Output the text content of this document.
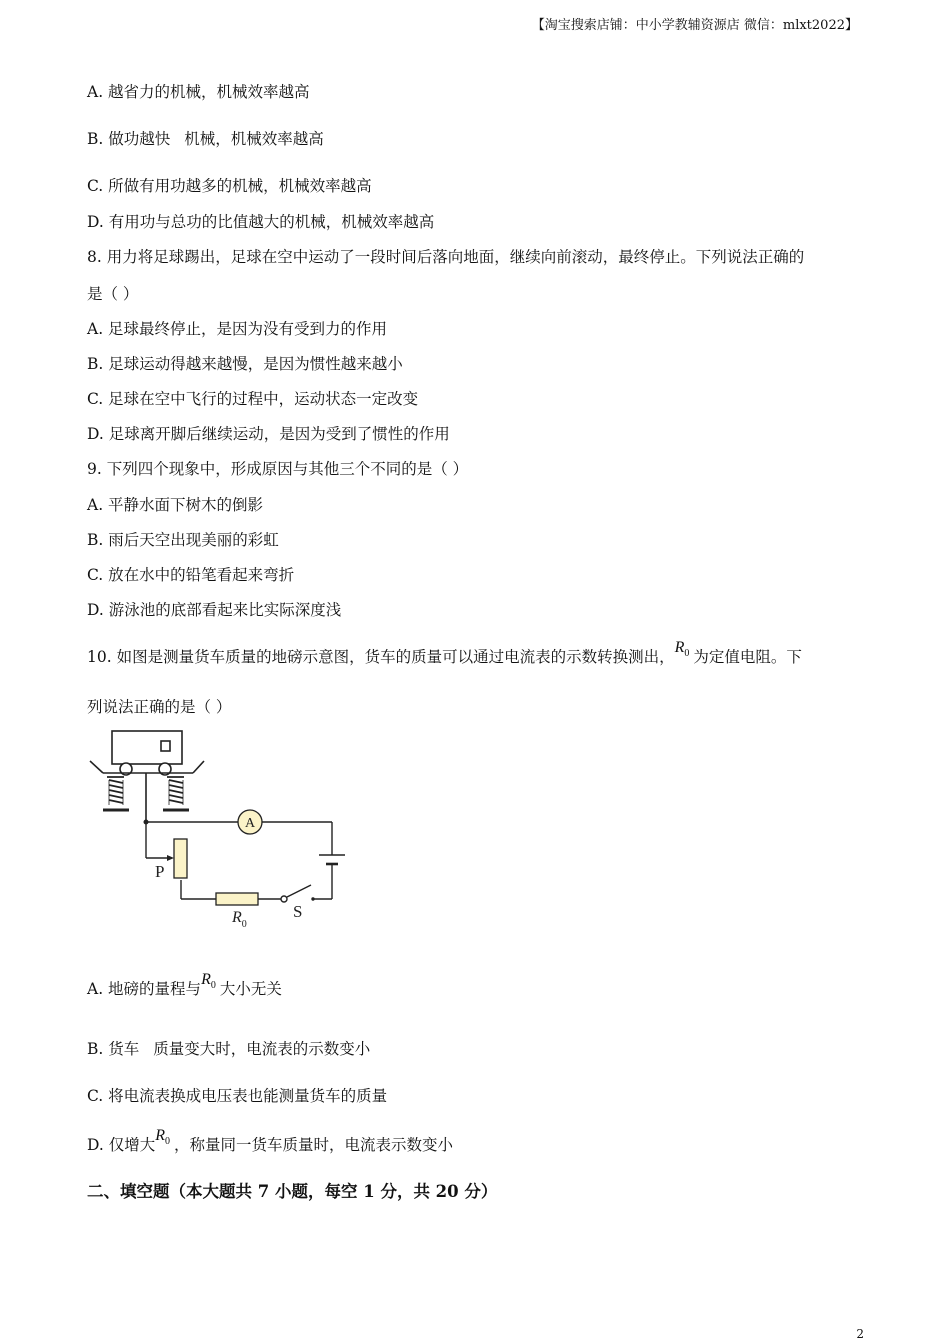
【淘宝搜索店铺：中小学教辅资源店 微信：mlxt2022】
A. 越省力的机械，机械效率越高
B. 做功越快 机械，机械效率越高
C. 所做有用功越多的机械，机械效率越高
D. 有用功与总功的比值越大的机械，机械效率越高
8. 用力将足球踢出，足球在空中运动了一段时间后落向地面，继续向前滚动，最终停止。下列说法正确的
是（ ）
A. 足球最终停止，是因为没有受到力的作用
B. 足球运动得越来越慢，是因为惯性越来越小
C. 足球在空中飞行的过程中，运动状态一定改变
D. 足球离开脚后继续运动，是因为受到了惯性的作用
9. 下列四个现象中，形成原因与其他三个不同的是（ ）
A. 平静水面下树木的倒影
B. 雨后天空出现美丽的彩虹
C. 放在水中的铅笔看起来弯折
D. 游泳池的底部看起来比实际深度浅
10. 如图是测量货车质量的地磅示意图，货车的质量可以通过电流表的示数转换测出，$R^0$ 为定值电阻。下
列说法正确的是（ ）
A
P
$R_0$
S
A. 地磅的量程与$R^0$ 大小无关
B. 货车 质量变大时，电流表的示数变小
C. 将电流表换成电压表也能测量货车的质量
D. 仅增大$R^0$ ，称量同一货车质量时，电流表示数变小
二、填空题（本大题共 7 小题，每空 1 分，共 20 分）
2
